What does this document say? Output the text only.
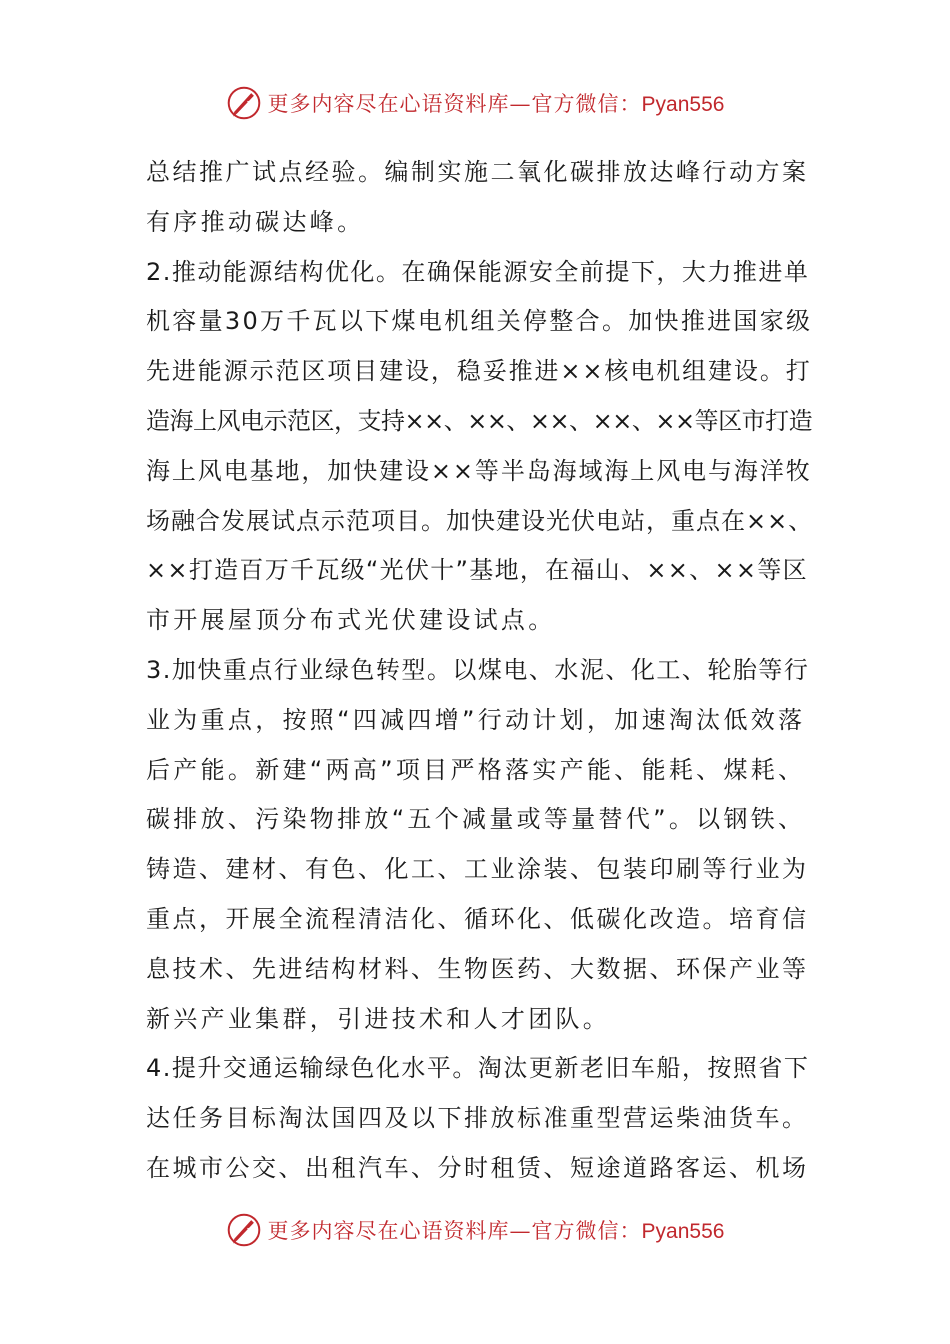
更多内容尽在心语资料库—官方微信：Pyan556
总结推广试点经验。编制实施二氧化碳排放达峰行动方案
有序推动碳达峰。
2.推动能源结构优化。在确保能源安全前提下，大力推进单
机容量30万千瓦以下煤电机组关停整合。加快推进国家级
先进能源示范区项目建设，稳妥推进××核电机组建设。打
造海上风电示范区，支持××、××、××、××、××等区市打造
海上风电基地，加快建设××等半岛海域海上风电与海洋牧
场融合发展试点示范项目。加快建设光伏电站，重点在××、
××打造百万千瓦级“光伏十”基地，在福山、××、××等区
市开展屋顶分布式光伏建设试点。
3.加快重点行业绿色转型。以煤电、水泥、化工、轮胎等行
业为重点，按照“四减四增”行动计划，加速淘汰低效落
后产能。新建“两高”项目严格落实产能、能耗、煤耗、
碳排放、污染物排放“五个减量或等量替代”。以钢铁、
铸造、建材、有色、化工、工业涂装、包装印刷等行业为
重点，开展全流程清洁化、循环化、低碳化改造。培育信
息技术、先进结构材料、生物医药、大数据、环保产业等
新兴产业集群，引进技术和人才团队。
4.提升交通运输绿色化水平。淘汰更新老旧车船，按照省下
达任务目标淘汰国四及以下排放标准重型营运柴油货车。
在城市公交、出租汽车、分时租赁、短途道路客运、机场
更多内容尽在心语资料库—官方微信：Pyan556
